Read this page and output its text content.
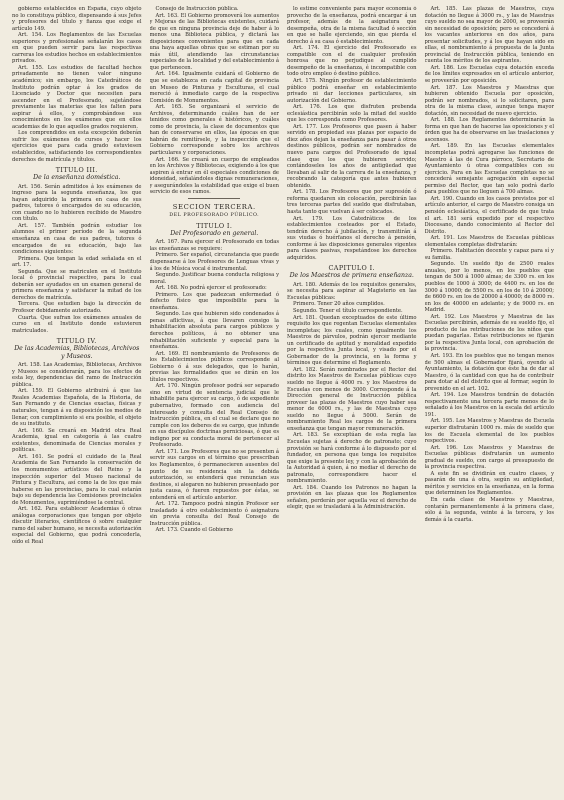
gobierno establecidos en España, cuyo objeto no lo constituya público, dispensando á sus Jefes y profesores del título y fianza que exige el artículo 149.

Art. 154. Los Reglamentos de las Escuelas superiores y profesionales señalarán los casos en que pueden servir para las respectivas carreras los estudios hechos en establecimientos privados.

Art. 155. Los estudios de facultad hechos privadamente no tienen valor ninguno académico; sin embargo, los Catedráticos de Instituto podrán optar á los grados de Licenciado y Doctor que necesiten para ascender en el Profesorado, sujetándose previamente las materias que les falten para aspirar á ellos, y comprobándose sus conocimientos en los exámenes que en ellos academias de lo que aquellos grados requieren.

Los comprendidos en esta excepción deberán sufrir los exámenes de cursos y hacer los ejercicios que para cada grado estuviesen establecidos, satisfaciendo los correspondientes derechos de matrícula y títulos.

TITULO III.
De la enseñanza doméstica.

Art. 156. Serán admitidos á los exámenes de ingreso para la segunda enseñanza, los que hayan adquirido la primera en casa de sus padres, tutores ó encargados de su educación, con cuando no lo hubieren recibido de Maestro con título.

Art. 157. También podrán estudiar los alumnos el primer período de la segunda enseñanza en casa de sus padres, tutores ó encargados de su educación, bajo las condiciones siguientes:

Primera. Que tengan la edad señalada en el art. 17.

Segunda. Que se matriculen en el Instituto local ó provincial respectivo, para lo cual deberán ser ayudados en un examen general de primera enseñanza y satisfacer la mitad de los derechos de matrícula.

Tercera. Que estudien bajo la dirección de Profesor debidamente autorizado.

Cuarta. Que sufran los exámenes anuales de curso en el Instituto donde estuvieren matriculados.

TITULO IV.
De las Academias, Bibliotecas, Archivos y Museos.

Art. 158. Las Academias, Bibliotecas, Archivos y Museos se considerarán, para los efectos de esta ley, dependencias del ramo de Instrucción pública.

Art. 159. El Gobierno atribuirá á que las Reales Academias Española, de la Historia, de San Fernando y de Ciencias exactas, físicas y naturales, tengan á su disposición los medios de llenar, con cumplimiento si era posible, el objeto de su instituto.

Art. 160. Se creará en Madrid otra Real Academia, igual en categoría á las cuatro existentes, denominada de Ciencias morales y políticas.

Art. 161. Se podrá el cuidado de la Real Academia de San Fernando la conservación de los monumentos artísticos del Reino y la inspección superior del Museo nacional de Pintura y Escultura, así como la de los que más haberse en las provincias, para lo cual estarán bajo su dependencia las Comisiones provinciales de Monumentos, suprimiéndose la central.

Art. 162. Para establecer Academias ó otras análogas corporaciones que tengan por objeto discutir literarios, científicos ó sobre cualquier ramo del saber humano, se necesita autorización especial del Gobierno, que podrá concederla, oído el Real

Consejo de Instrucción pública.

Art. 163. El Gobierno promoverá los aumentos y Mejoras de las Bibliotecas existentes, cuidará de que en ninguna provincia deje de haber á lo menos una Biblioteca pública, y dictará las disposiciones convenientes para que en cada una haya aquellas obras que se estiman por su más útil, atendiendo las circunstancias especiales de la localidad y del establecimiento á que pertenecen.

Art. 164. Igualmente cuidará el Gobierno de que se establezca en cada capital de provincia un Museo de Pinturas y Esculturas, el cual mereció á inmediato cargo de la respectiva Comisión de Monumentos.

Art. 165. Se organizará el servicio de Archivos, determinando cuáles han de ser tenidos como generales é históricos, y cuáles como de provincia, la clase de documentos que han de conservarse en ellos, las épocas en que habrán de remitírsele, y la inspección que el Gobierno corresponde sobre los archivos particulares y corporaciones.

Art. 166. Se creará un cuerpo de empleados en los Archivos y Bibliotecas, exigiendo á los que aspiren á entrar en él especiales condiciones de idoneidad, señalándoles dignas remuneraciones, y asegurándoles la estabilidad que exige el buen servicio de esos ramos.

SECCION TERCERA.
DEL PROFESORADO PÚBLICO.
TITULO I.
Del Profesorado en general.

Art. 167. Para ejercer el Profesorado en todas las enseñanzas se requiere:

Primero. Ser español, circunstancia que puede dispensarse á los Profesores de Lenguas vivas y á los de Música vocal é instrumental.

Segundo. Justificar buena conducta religiosa y moral.

Art. 168. No podrá ejercer el profesorado:

Primero. Los que padezcan enfermedad ó defecto físico que imposibilite para la enseñanza.

Segundo. Los que hubieren sido condenados á penas aflictivas, á que llevaren consigo la inhabilitación absoluta para cargos públicos y derechos políticos, á no obtener una rehabilitación suficiente y especial para la enseñanza.

Art. 169. El nombramiento de Profesores de los Establecimientos públicos corresponde al Gobierno ó á sus delegados, que lo harán, previas las formalidades que se dirán en los títulos respectivos.

Art. 170. Ningún profesor podrá ser separado sino en virtud de sentencia judicial que le inhabilite para ejercer su cargo, ó de expediente gubernativo, formado con audiencia del interesado y consulta del Real Consejo de Instrucción pública, en el cual se declare que no cumple con los deberes de su cargo, que infunde en sus discípulos doctrinas perniciosas, ó que es indigno por su conducta moral de pertenecer al Profesorado.

Art. 171. Los Profesores que no se presenten á servir sus cargos en el término que prescriban los Reglamentos, ó permanecieren ausentes del punto de su residencia sin la debida autorización, se entenderá que renuncian sus destinos, si alegaren no hubieren presentado por justa causa, ó fueren repuestos por éstas, se entenderá en el artículo anterior.

Art. 172. Tampoco podrá ningún Profesor ser trasladado á otro establecimiento ó asignatura sin previa consulta del Real Consejo de Instrucción pública.

Art. 173. Cuando el Gobierno

lo estime conveniente para mayor economía ó provecho de la enseñanza, podrá encargar á un profesor, además de la asignatura que desempeña, otra de la misma facultad ó sección en que se halle ejerciendo, sin que pierda el derecho á su casa ó establecimiento.

Art. 174. El ejercicio del Profesorado es compatible con el de cualquier profesión honrosa que no perjudique al cumplido desempeño de la enseñanza, é incompatible con todo otro empleo ó destino público.

Art. 175. Ningún profesor de establecimiento público podrá enseñar en establecimiento privado ni dar lecciones particulares, sin autorización del Gobierno.

Art. 176. Los que disfruten prebenda eclesiástica percibirán solo la mitad del sueldo que les corresponda como Profesores.

Art. 177. Los Profesores que pasen á haber servido en propiedad sus plazas por espacio de diez años dejan la enseñanza para pasar á otros destinos públicos, podrán ser nombrados de nuevo para cargos del Profesorado de igual clase que los que hubieren servido; contándoseles los años de antigüedad que llevaban al salir de la carrera de la enseñanza, y recobrando la categoría que antes hubieren obtenido.

Art. 178. Los Profesores que por supresión ó reforma quedaren sin colocación, percibirán las tres terceras partes del sueldo que disfrutaban, hasta tanto que vuelvan á ser colocados.

Art. 179. Los Catedráticos de los establecimientos costeados por el Estado, tendrán derecho á jubilación, y transmitirán á sus viudas ó huérfanos el derecho á pensión, conforme á las disposiciones generales vigentes para clases pasivas, respetándose los derechos adquiridos.

CAPITULO I.
De los Maestros de primera enseñanza.

Art. 180. Además de los requisitos generales, se necesita para aspirar al Magisterio en las Escuelas públicas:

Primero. Tener 20 años cumplidos.

Segundo. Tener el título correspondiente.

Art. 181. Quedan exceptuados de este último requisito los que regentan Escuelas elementales incompletas; los cuales, como igualmente los Maestros de párvulos, podrán ejercer mediante un certificado de aptitud y moralidad expedido por la respectiva Junta local, y visado por el Gobernador de la provincia, en la forma y términos que determine el Reglamento.

Art. 182. Serán nombrados por el Rector del distrito los Maestros de Escuelas públicas cuyo sueldo no llegue á 4000 rs. y los Maestros de Escuelas con menos de 3000. Corresponde á la Dirección general de Instrucción pública proveer las plazas de Maestros cuyo haber sea menor de 6000 rs., y las de Maestras cuyo sueldo no llegue á 5000. Serán de nombramiento Real los cargos de la primera enseñanza que tengan mayor remuneración.

Art. 183. Se exceptúan de esta regla las Escuelas sujetas á derecho de patronato; cuyo provisión se hará conforme á lo dispuesto por el fundador, en persona que tenga los requisitos que exige la presente ley, y con la aprobación de la Autoridad á quien, á no mediar el derecho de patronato, correspondiere hacer el nombramiento.

Art. 184. Cuando los Patronos no hagan la provisión en las plazas que los Reglamentos señalen, perderán por aquella vez el derecho de elegir, que se trasladará á la Administración.

Art. 185. Las plazas de Maestros, cuya dotación no llegue á 3000 rs., y las de Maestras cuyo sueldo no sea mayor de 2000, se proveerán sin necesidad de oposición; pero se concederá á los vacantes anteriores en dos años, para presentar solicitudes, y á los que hayan sido en ellas, el nombramiento á propuesta de la Junta provincial de Instrucción pública, teniendo en cuenta los méritos de los aspirantes.

Art. 186. Los Escuelas cuya dotación exceda de los límites expresados en el artículo anterior, se proveerán por oposición.

Art. 187. Los Maestros y Maestras que hubieren obtenido Escuela por oposición, podrán ser nombrados, si lo solicitaren, para otra de la misma clase, aunque tenga mayor dotación, sin necesidad de nuevo ejercicio.

Art. 188. Los Reglamentos determinarán la forma en que han de hacerse las oposiciones y el órden que ha de observarse en las traslaciones y ascensos.

Art. 189. En las Escuelas elementales incompletas podrá agregarse las funciones de Maestro á las de Cura párroco, Secretario de Ayuntamiento ú otras compatibles con su ejercicio. Para en las Escuelas completas no se concederá semejante agregación sin especial permiso del Rector, que tan solo podrá darlo para pueblos que no lleguen á 700 almas.

Art. 190. Cuando en los casos previstos por el artículo anterior, el cargo de Maestro consiga un pensión eclesiástica, el certificado de que trata el art. 181 será expedido por el respectivo Diocesano, dando conocimiento al Rector del Distrito.

Art. 191. Los Maestros de Escuelas públicas elementales completas disfrutarán:

Primero. Habitación decente y capaz para sí y su familia.

Segundo. Un sueldo fijo de 2500 reales anuales, por lo menos, en los pueblos que tengan de 500 á 1000 almas; de 3300 rs. en los pueblos de 1000 á 3000; de 4400 rs. en los de 3000 á 10000; de 5500 rs. en los de 10 á 20000; de 6600 rs. en los de 20000 á 40000; de 8000 rs. en los de 40000 en adelante; y de 9000 rs. en Madrid.

Art. 192. Los Maestros y Maestras de las Escuelas percibirán, además de su sueldo fijo, el producto de las retribuciones de los niños que puedan pagarlas. Estas retribuciones se fijarán por la respectiva Junta local, con aprobación de la provincia.

Art. 193. En los pueblos que no tengan menos de 500 almas el Gobernador fijará, oyendo al Ayuntamiento, la dotación que éste ha de dar al Maestro, ó la cantidad con que ha de contribuir para dotar al del distrito que al formar, según lo prevenido en el art. 102.

Art. 194. Los Maestros tendrán de dotación respectivamente una tercera parte menos de lo señalado á los Maestros en la escala del artículo 191.

Art. 195. Los Maestros y Maestras de Escuela superior disfrutarán 1000 rs. más de sueldo que los de Escuela elemental de los pueblos respectivos.

Art. 196. Los Maestros y Maestras de Escuelas públicas disfrutarán un aumento gradual de sueldo, con cargo al presupuesto de la provincia respectiva.

A este fin se dividirán en cuatro clases, y pasarán de una á otra, según su antigüedad, méritos y servicios en la enseñanza, en la forma que determinen los Reglamentos.

En cada clase de Maestros y Maestras, contarán permanentemente á la primera clase, sólo á la segunda, veinte á la tercera, y los demás á la cuarta.
